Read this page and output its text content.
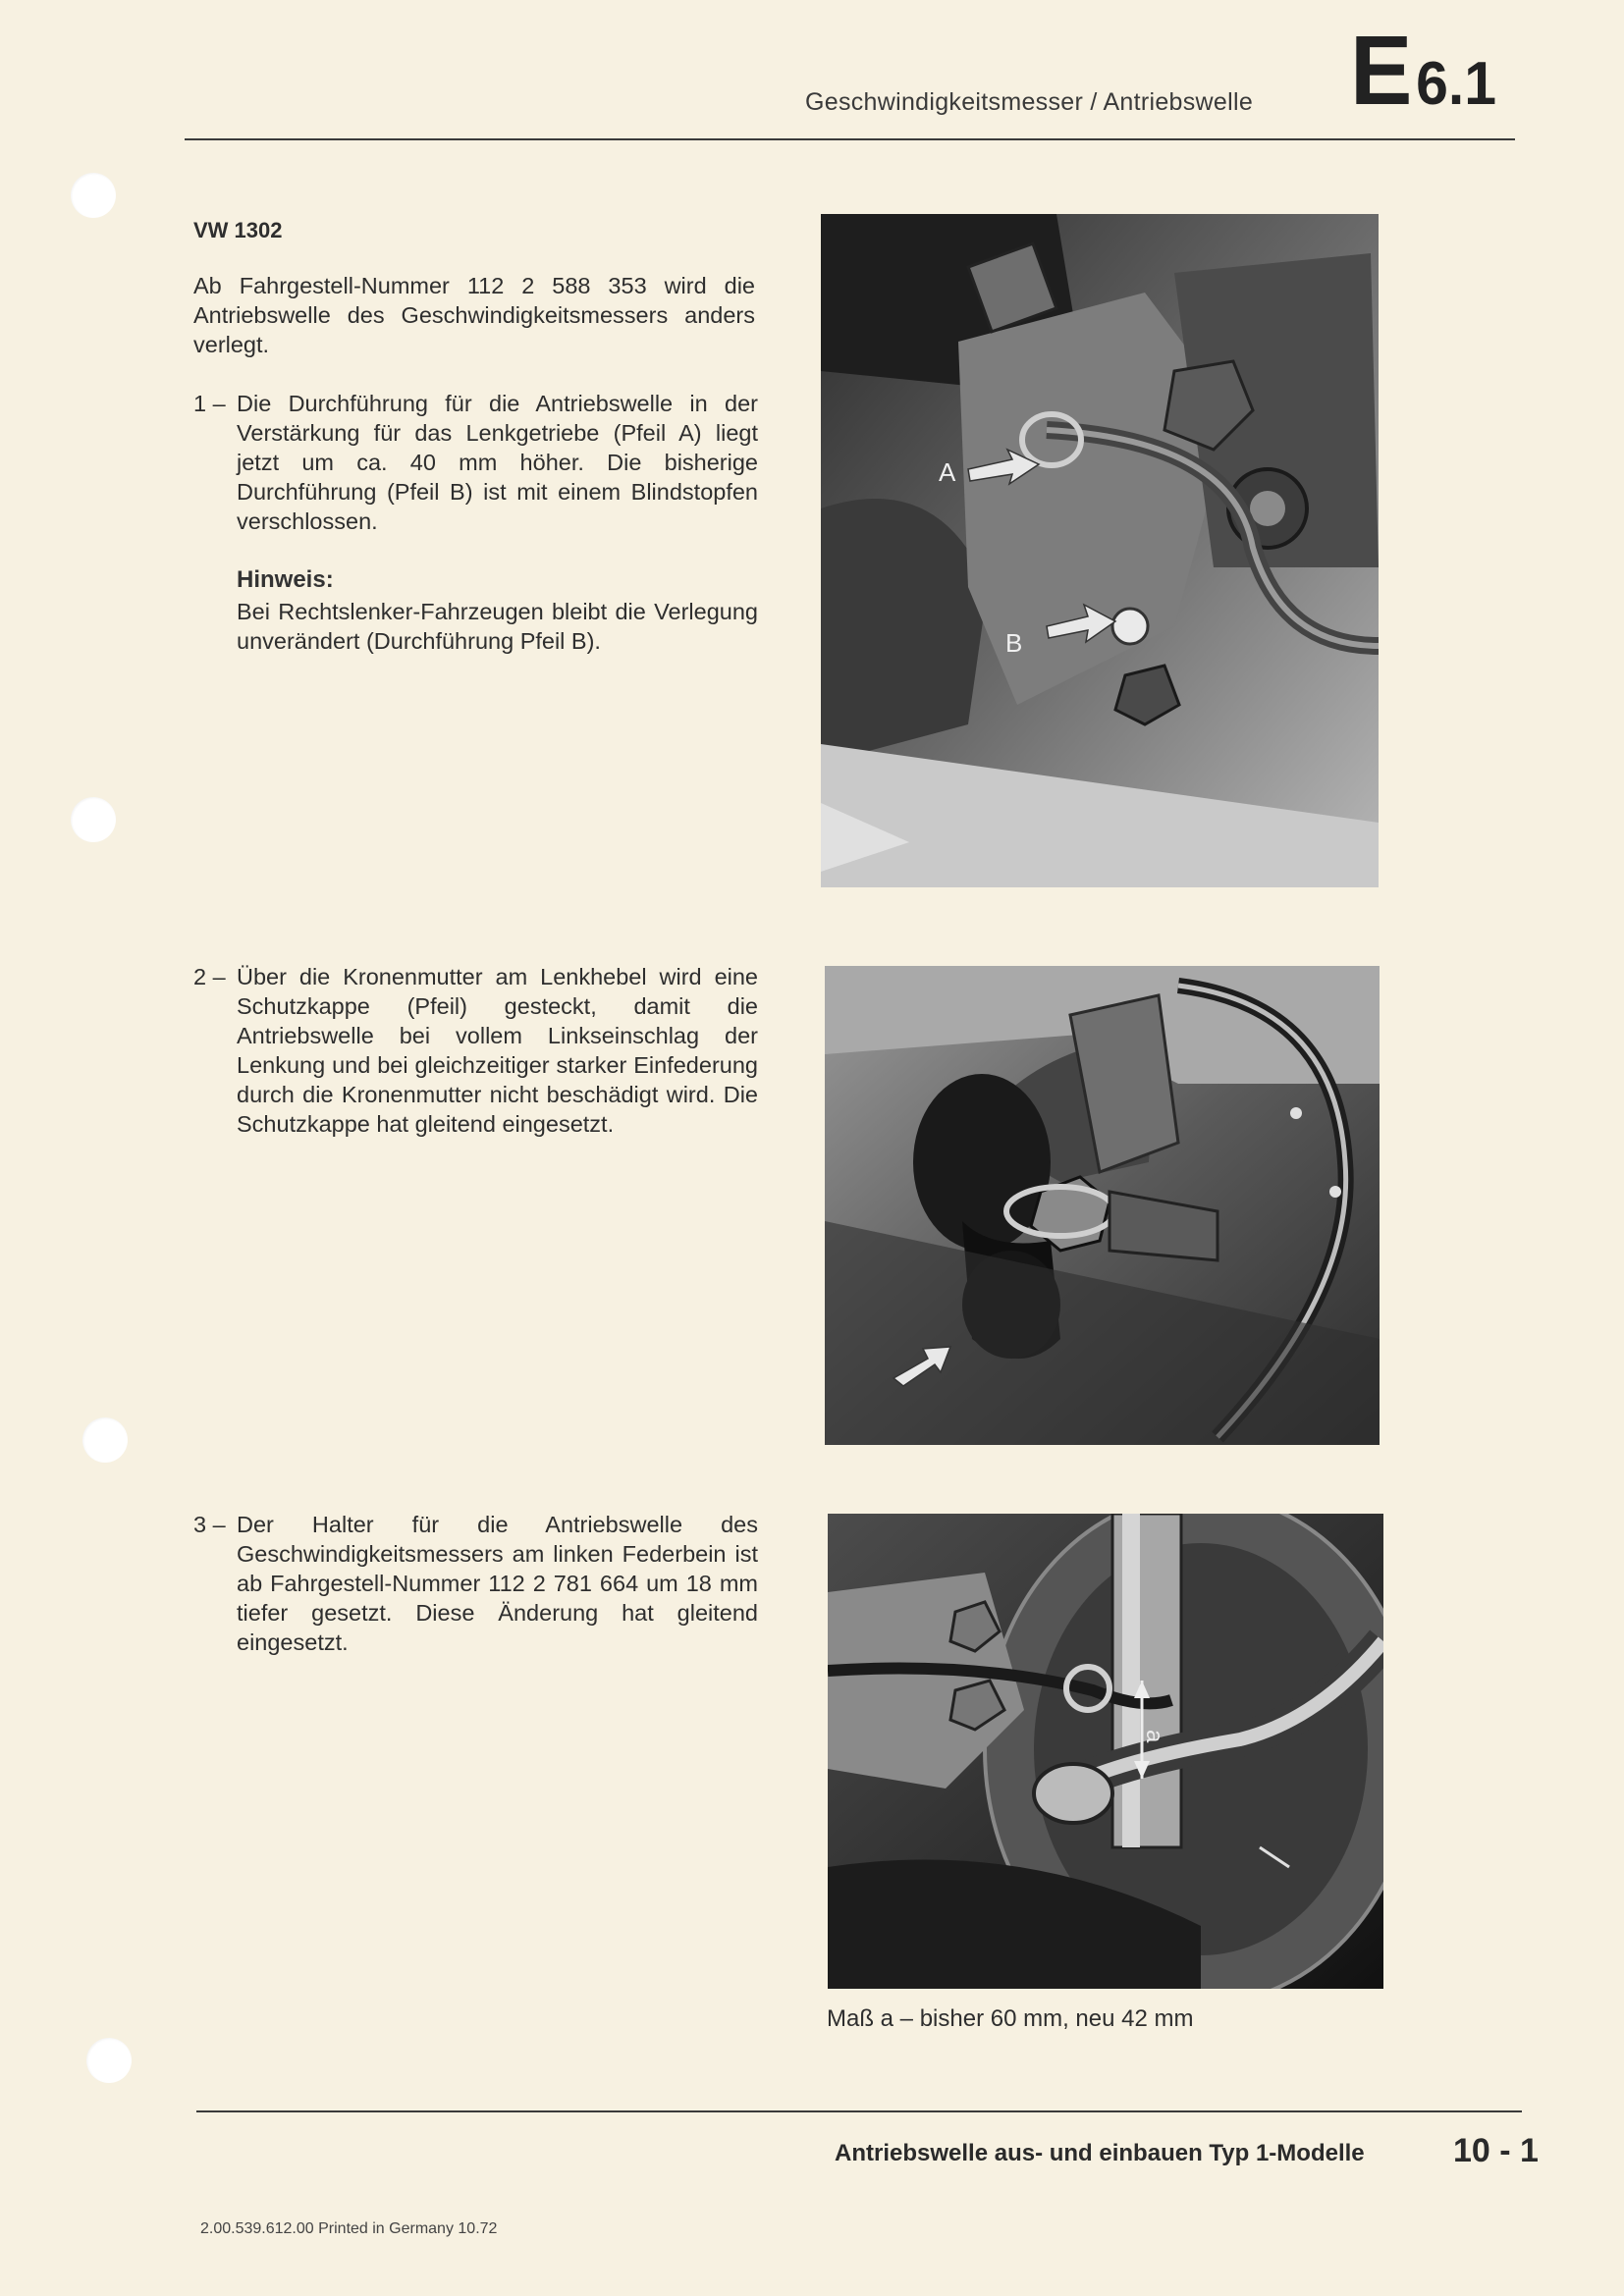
Geschwindigkeitsmesser / Antriebswelle E6.1
VW 1302
Ab Fahrgestell-Nummer 112 2 588 353 wird die Antriebswelle des Geschwindigkeitsmessers anders verlegt.
1 – Die Durchführung für die Antriebswelle in der Verstärkung für das Lenkgetriebe (Pfeil A) liegt jetzt um ca. 40 mm höher. Die bisherige Durchführung (Pfeil B) ist mit einem Blindstopfen verschlossen.
Hinweis:
Bei Rechtslenker-Fahrzeugen bleibt die Verlegung unverändert (Durchführung Pfeil B).
2 – Über die Kronenmutter am Lenkhebel wird eine Schutzkappe (Pfeil) gesteckt, damit die Antriebswelle bei vollem Linkseinschlag der Lenkung und bei gleichzeitiger starker Einfederung durch die Kronenmutter nicht beschädigt wird. Die Schutzkappe hat gleitend eingesetzt.
3 – Der Halter für die Antriebswelle des Geschwindigkeitsmessers am linken Federbein ist ab Fahrgestell-Nummer 112 2 781 664 um 18 mm tiefer gesetzt. Diese Änderung hat gleitend eingesetzt.
A
B
a
Maß a – bisher 60 mm, neu 42 mm
Antriebswelle aus- und einbauen Typ 1-Modelle	10 - 1
2.00.539.612.00 Printed in Germany 10.72
